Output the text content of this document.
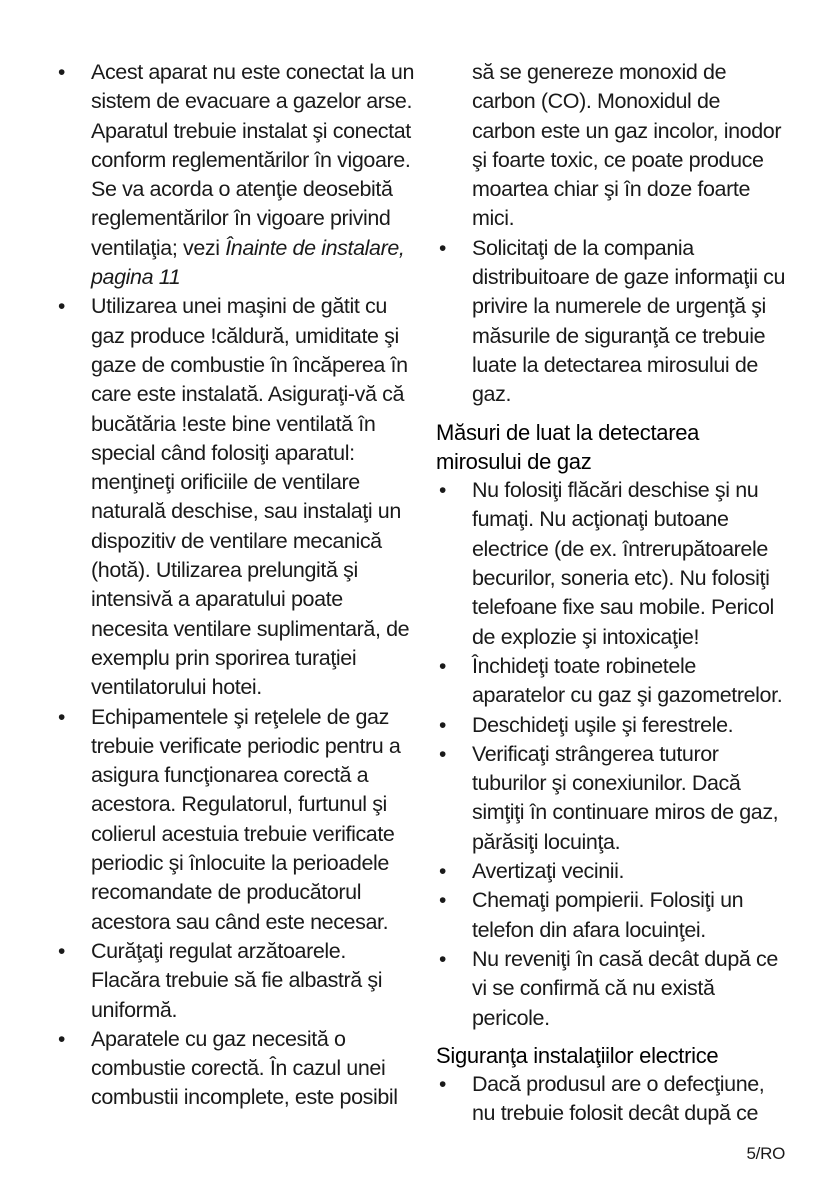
• Acest aparat nu este conectat la un sistem de evacuare a gazelor arse. Aparatul trebuie instalat şi conectat conform reglementărilor în vigoare. Se va acorda o atenţie deosebită reglementărilor în vigoare privind ventilaţia; vezi Înainte de instalare, pagina 11
• Utilizarea unei maşini de gătit cu gaz produce !căldură, umiditate şi gaze de combustie în încăperea în care este instalată. Asiguraţi-vă că bucătăria !este bine ventilată în special când folosiţi aparatul: menţineţi orificiile de ventilare naturală deschise, sau instalaţi un dispozitiv de ventilare mecanică (hotă). Utilizarea prelungită şi intensivă a aparatului poate necesita ventilare suplimentară, de exemplu prin sporirea turaţiei ventilatorului hotei.
• Echipamentele şi reţelele de gaz trebuie verificate periodic pentru a asigura funcţionarea corectă a acestora. Regulatorul, furtunul şi colierul acestuia trebuie verificate periodic şi înlocuite la perioadele recomandate de producătorul acestora sau când este necesar.
• Curăţaţi regulat arzătoarele. Flacăra trebuie să fie albastră şi uniformă.
• Aparatele cu gaz necesită o combustie corectă. În cazul unei combustii incomplete, este posibil

să se genereze monoxid de carbon (CO). Monoxidul de carbon este un gaz incolor, inodor şi foarte toxic, ce poate produce moartea chiar şi în doze foarte mici.

• Solicitaţi de la compania distribuitoare de gaze informaţii cu privire la numerele de urgenţă şi măsurile de siguranţă ce trebuie luate la detectarea mirosului de gaz.
Măsuri de luat la detectarea mirosului de gaz
• Nu folosiţi flăcări deschise şi nu fumaţi. Nu acţionaţi butoane electrice (de ex. întrerupătoarele becurilor, soneria etc). Nu folosiţi telefoane fixe sau mobile. Pericol de explozie şi intoxicaţie!
• Închideţi toate robinetele aparatelor cu gaz şi gazometrelor.
• Deschideţi uşile şi ferestrele.
• Verificaţi strângerea tuturor tuburilor şi conexiunilor. Dacă simţiţi în continuare miros de gaz, părăsiţi locuinţa.
• Avertizaţi vecinii.
• Chemaţi pompierii. Folosiţi un telefon din afara locuinţei.
• Nu reveniţi în casă decât după ce vi se confirmă că nu există pericole.
Siguranţa instalaţiilor electrice
• Dacă produsul are o defecţiune, nu trebuie folosit decât după ce
5/RO
